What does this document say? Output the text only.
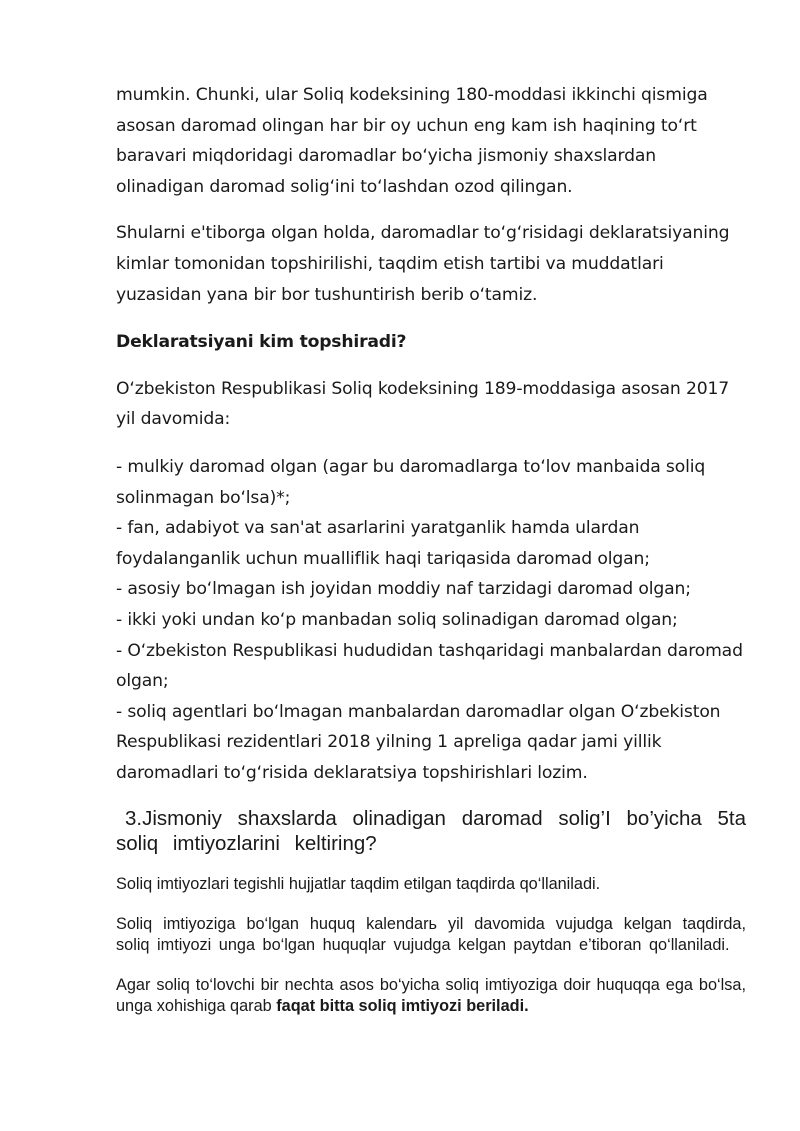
mumkin. Chunki, ular Soliq kodeksining 180-moddasi ikkinchi qismiga asosan daromad olingan har bir oy uchun eng kam ish haqining to‘rt baravari miqdoridagi daromadlar bo‘yicha jismoniy shaxslardan olinadigan daromad solig‘ini to‘lashdan ozod qilingan.

Shularni e'tiborga olgan holda, daromadlar to‘g‘risidagi deklaratsiyaning kimlar tomonidan topshirilishi, taqdim etish tartibi va muddatlari yuzasidan yana bir bor tushuntirish berib o‘tamiz.

Deklaratsiyani kim topshiradi?

O‘zbekiston Respublikasi Soliq kodeksining 189-moddasiga asosan 2017 yil davomida:

- mulkiy daromad olgan (agar bu daromadlarga to‘lov manbaida soliq solinmagan bo‘lsa)*;
- fan, adabiyot va san'at asarlarini yaratganlik hamda ulardan foydalanganlik uchun mualliflik haqi tariqasida daromad olgan;
- asosiy bo‘lmagan ish joyidan moddiy naf tarzidagi daromad olgan;
- ikki yoki undan ko‘p manbadan soliq solinadigan daromad olgan;
- O‘zbekiston Respublikasi hududidan tashqaridagi manbalardan daromad olgan;
- soliq agentlari bo‘lmagan manbalardan daromadlar olgan O‘zbekiston Respublikasi rezidentlari 2018 yilning 1 apreliga qadar jami yillik daromadlari to‘g‘risida deklaratsiya topshirishlari lozim.

3.Jismoniy shaxslarda olinadigan daromad solig’I bo’yicha 5ta soliq imtiyozlarini keltiring?

Soliq imtiyozlari tegishli hujjatlar taqdim etilgan taqdirda qo‘llaniladi.

Soliq imtiyoziga bo‘lgan huquq kalendarь yil davomida vujudga kelgan taqdirda, soliq imtiyozi unga bo‘lgan huquqlar vujudga kelgan paytdan e’tiboran qo‘llaniladi.

Agar soliq to‘lovchi bir nechta asos bo‘yicha soliq imtiyoziga doir huquqqa ega bo‘lsa, unga xohishiga qarab faqat bitta soliq imtiyozi beriladi.
